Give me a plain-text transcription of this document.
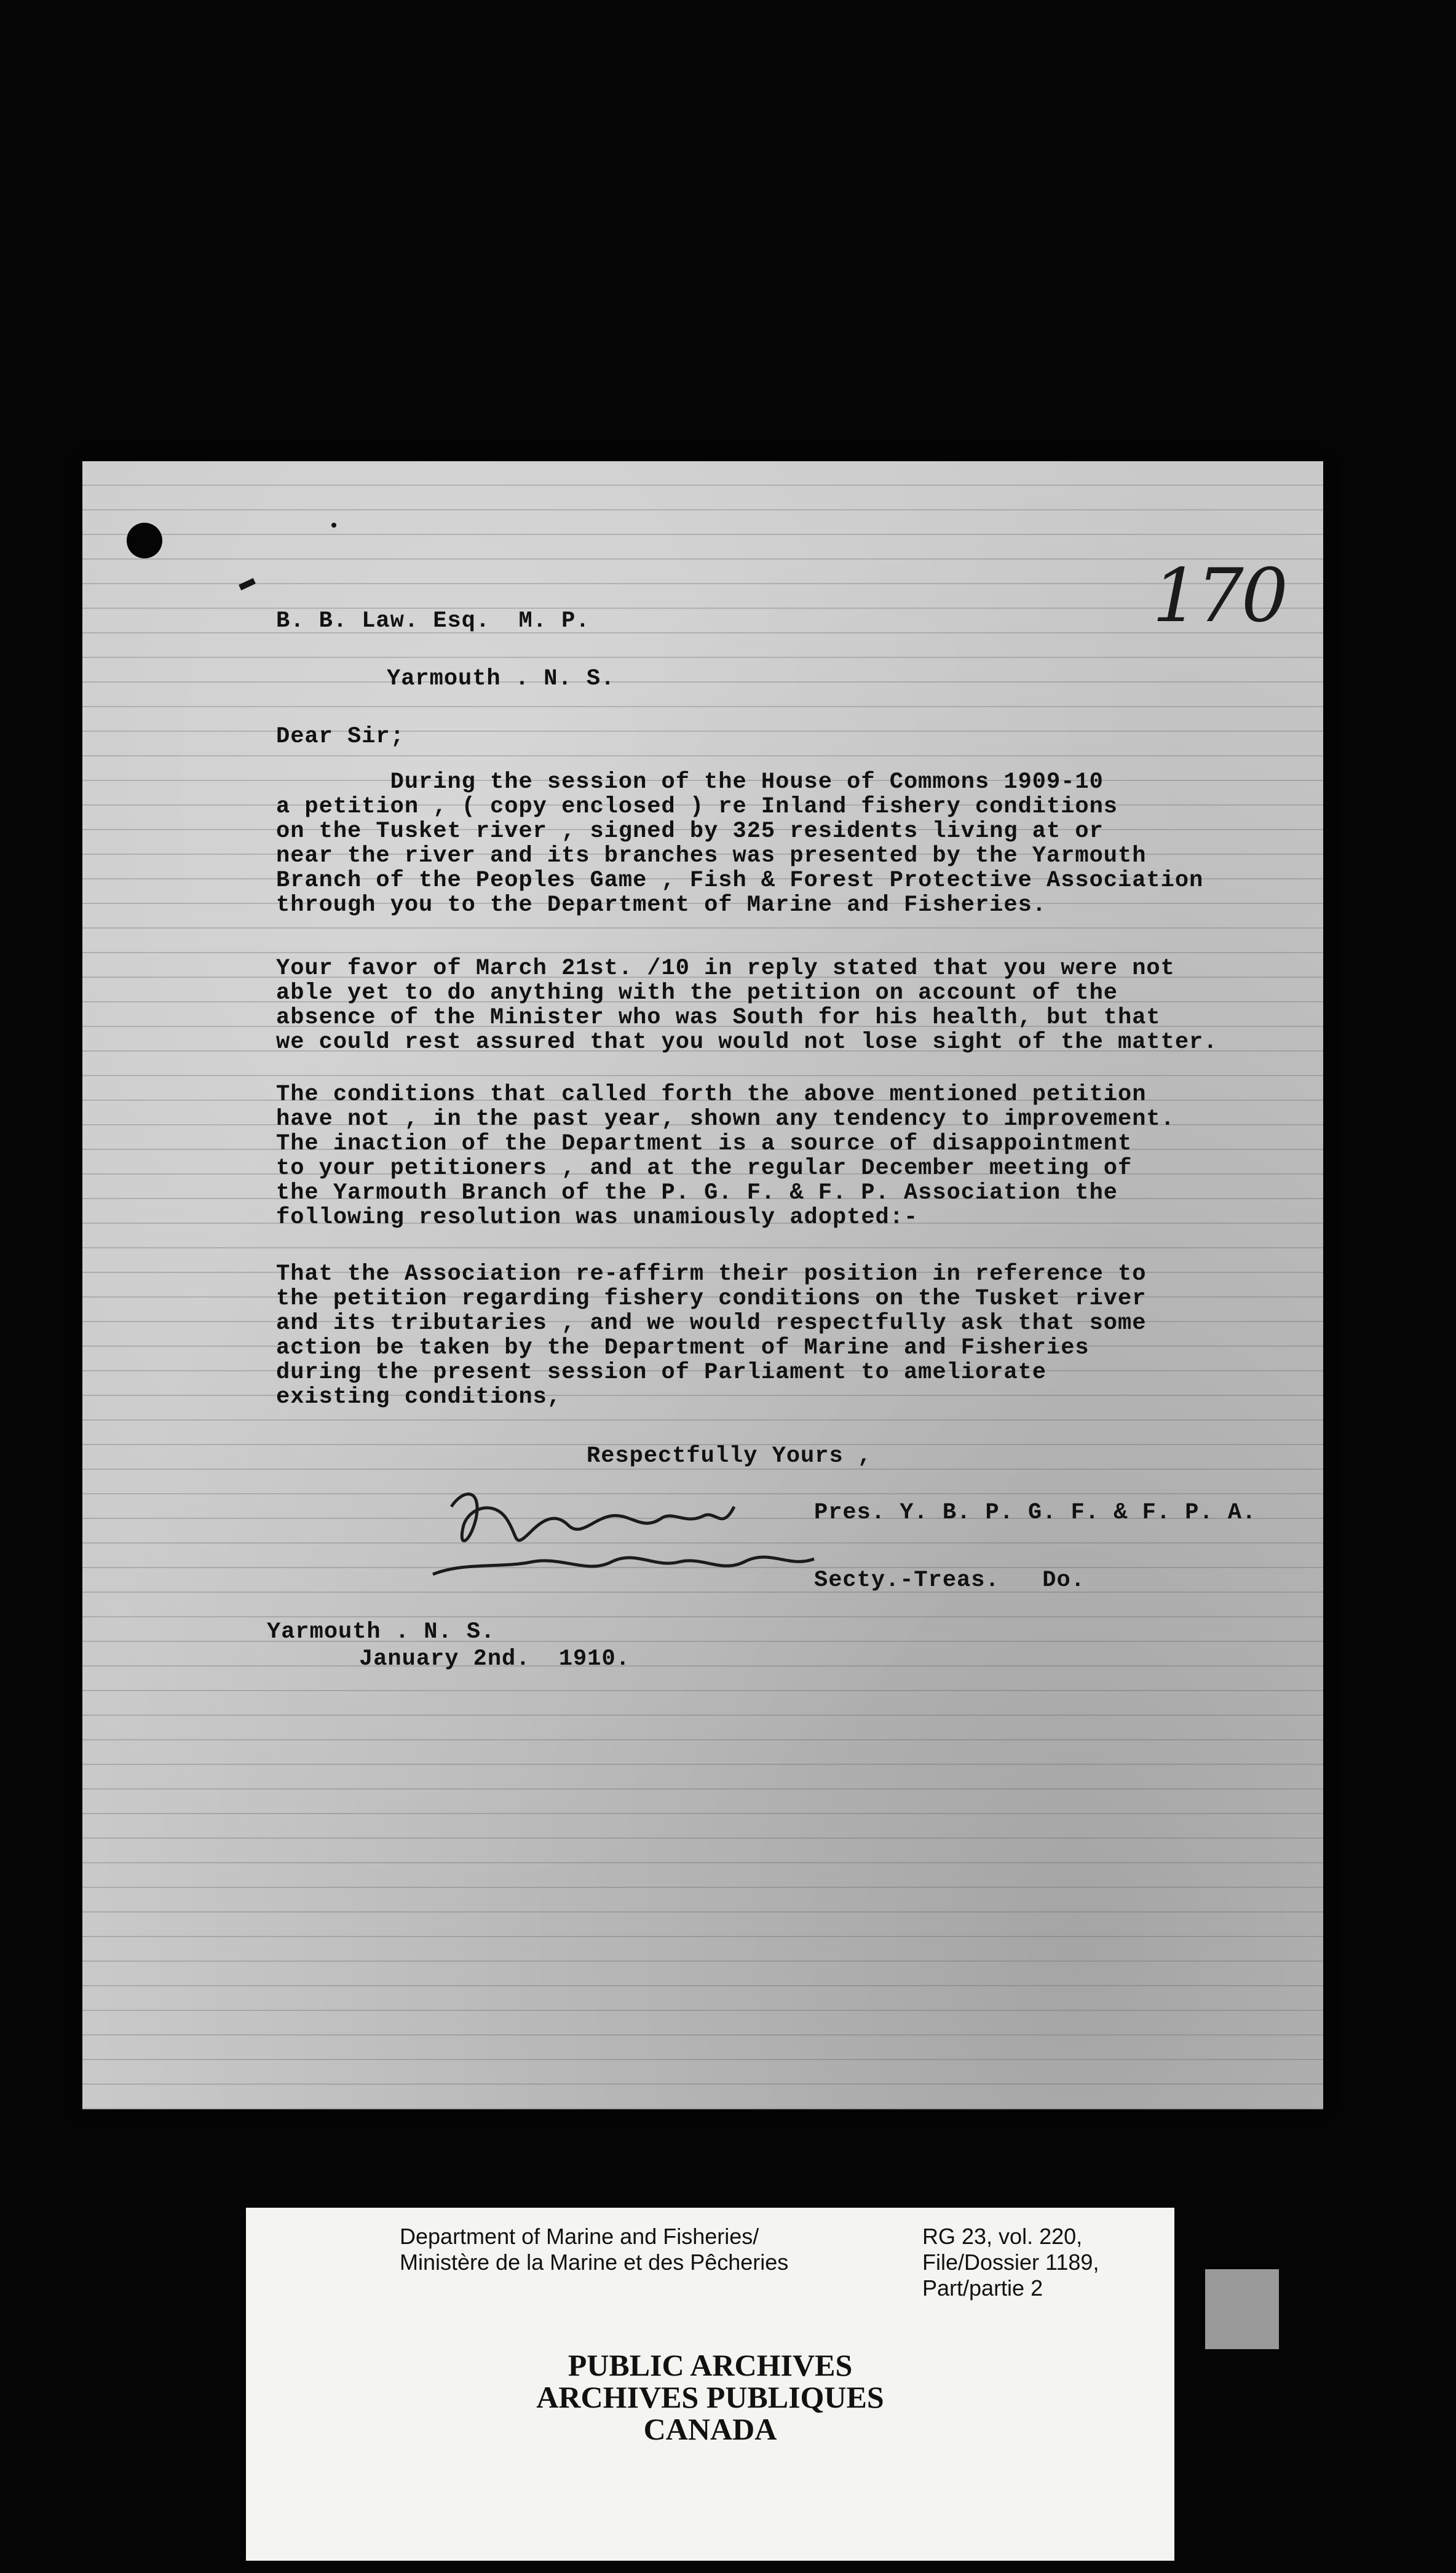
170
B. B. Law. Esq.  M. P.
Yarmouth . N. S.
Dear Sir;
During the session of the House of Commons 1909-10
a petition , ( copy enclosed ) re Inland fishery conditions
on the Tusket river , signed by 325 residents living at or
near the river and its branches was presented by the Yarmouth
Branch of the Peoples Game , Fish & Forest Protective Association
through you to the Department of Marine and Fisheries.
Your favor of March 21st. /10 in reply stated that you were not
able yet to do anything with the petition on account of the
absence of the Minister who was South for his health, but that
we could rest assured that you would not lose sight of the matter.
The conditions that called forth the above mentioned petition
have not , in the past year, shown any tendency to improvement.
The inaction of the Department is a source of disappointment
to your petitioners , and at the regular December meeting of
the Yarmouth Branch of the P. G. F. & F. P. Association the
following resolution was unamiously adopted:-
That the Association re-affirm their position in reference to
the petition regarding fishery conditions on the Tusket river
and its tributaries , and we would respectfully ask that some
action be taken by the Department of Marine and Fisheries
during the present session of Parliament to ameliorate
existing conditions,
Respectfully Yours ,
Pres. Y. B. P. G. F. & F. P. A.
Secty.-Treas.   Do.
Yarmouth . N. S.
January 2nd.  1910.
Department of Marine and Fisheries/
Ministère de la Marine et des Pêcheries
RG 23, vol. 220,
File/Dossier 1189,
Part/partie 2
PUBLIC ARCHIVES
ARCHIVES PUBLIQUES
CANADA
